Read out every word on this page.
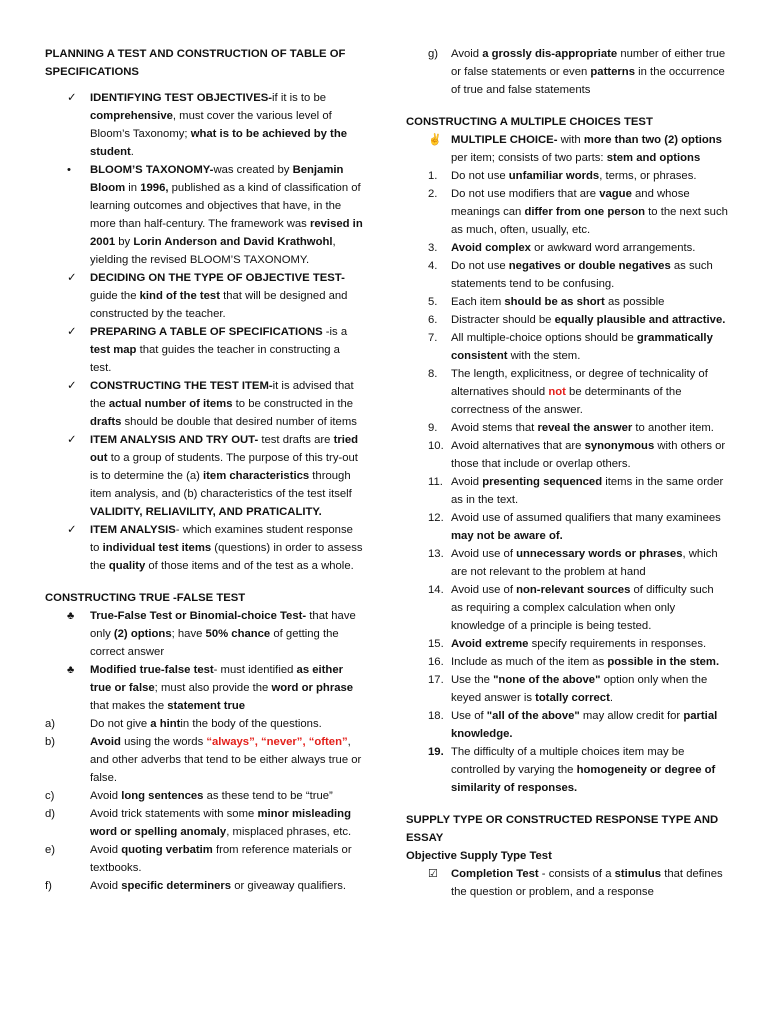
PLANNING A TEST AND CONSTRUCTION OF TABLE OF SPECIFICATIONS

✓	IDENTIFYING TEST OBJECTIVES-if it is to be comprehensive, must cover the various level of Bloom’s Taxonomy; what is to be achieved by the student.

•	BLOOM’S TAXONOMY-was created by Benjamin Bloom in 1996, published as a kind of classification of learning outcomes and objectives that have, in the more than half-century. The framework was revised in 2001 by Lorin Anderson and David Krathwohl, yielding the revised BLOOM’S TAXONOMY.

✓	DECIDING ON THE TYPE OF OBJECTIVE TEST- guide the kind of the test that will be designed and constructed by the teacher.

✓	PREPARING A TABLE OF SPECIFICATIONS -is a test map that guides the teacher in constructing a test.

✓	CONSTRUCTING THE TEST ITEM-it is advised that the actual number of items to be constructed in the drafts should be double that desired number of items

✓	ITEM ANALYSIS AND TRY OUT- test drafts are tried out to a group of students. The purpose of this try-out is to determine the (a) item characteristics through item analysis, and (b) characteristics of the test itself VALIDITY, RELIAVILITY, AND PRATICALITY.

✓	ITEM ANALYSIS- which examines student response to individual test items (questions) in order to assess the quality of those items and of the test as a whole.

CONSTRUCTING TRUE -FALSE TEST

♣	True-False Test or Binomial-choice Test- that have only (2) options; have 50% chance of getting the correct answer

♣	Modified true-false test- must identified as either true or false; must also provide the word or phrase that makes the statement true

a)	Do not give a hintin the body of the questions.

b)	Avoid using the words “always”, “never”, “often”, and other adverbs that tend to be either always true or false.

c)	Avoid long sentences as these tend to be “true”

d)	Avoid trick statements with some minor misleading word or spelling anomaly, misplaced phrases, etc.

e)	Avoid quoting verbatim from reference materials or textbooks.

f)	Avoid specific determiners or giveaway qualifiers.

g)	Avoid a grossly dis-appropriate number of either true or false statements or even patterns in the occurrence of true and false statements

CONSTRUCTING A MULTIPLE CHOICES TEST

✌ MULTIPLE CHOICE- with more than two (2) options per item; consists of two parts: stem and options

1.	Do not use unfamiliar words, terms, or phrases.

2.	Do not use modifiers that are vague and whose meanings can differ from one person to the next such as much, often, usually, etc.

3.	Avoid complex or awkward word arrangements.

4.	Do not use negatives or double negatives as such statements tend to be confusing.

5.	Each item should be as short as possible

6.	Distracter should be equally plausible and attractive.

7.	All multiple-choice options should be grammatically consistent with the stem.

8.	The length, explicitness, or degree of technicality of alternatives should not be determinants of the correctness of the answer.

9.	Avoid stems that reveal the answer to another item.

10. Avoid alternatives that are synonymous with others or those that include or overlap others.

11. Avoid presenting sequenced items in the same order as in the text.

12. Avoid use of assumed qualifiers that many examinees may not be aware of.

13. Avoid use of unnecessary words or phrases, which are not relevant to the problem at hand

14. Avoid use of non-relevant sources of difficulty such as requiring a complex calculation when only knowledge of a principle is being tested.

15. Avoid extreme specify requirements in responses.

16. Include as much of the item as possible in the stem.

17. Use the "none of the above" option only when the keyed answer is totally correct.

18. Use of "all of the above" may allow credit for partial knowledge.

19. The difficulty of a multiple choices item may be controlled by varying the homogeneity or degree of similarity of responses.

SUPPLY TYPE OR CONSTRUCTED RESPONSE TYPE AND ESSAY

Objective Supply Type Test

☑	Completion Test - consists of a stimulus that defines the question or problem, and a response
